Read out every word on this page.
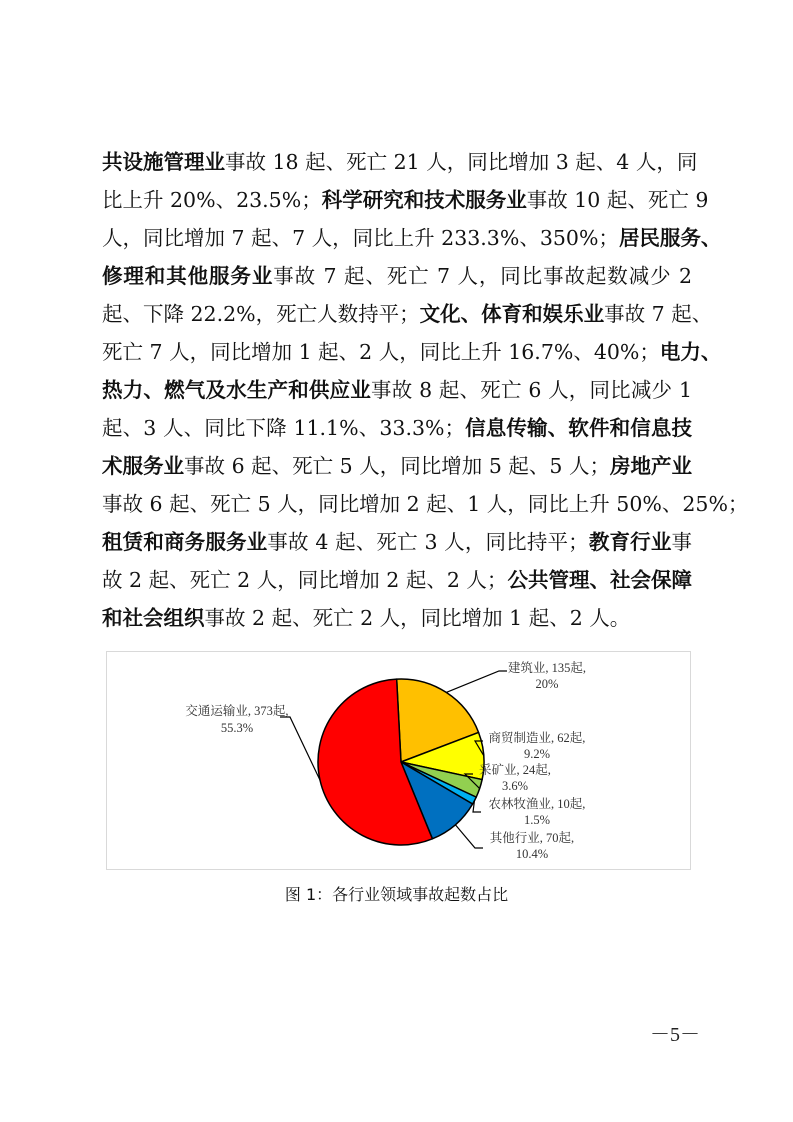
共设施管理业事故 18 起、死亡 21 人，同比增加 3 起、4 人，同
比上升 20%、23.5%；科学研究和技术服务业事故 10 起、死亡 9
人，同比增加 7 起、7 人，同比上升 233.3%、350%；居民服务、
修理和其他服务业事故 7 起、死亡 7 人，同比事故起数减少 2
起、下降 22.2%，死亡人数持平；文化、体育和娱乐业事故 7 起、
死亡 7 人，同比增加 1 起、2 人，同比上升 16.7%、40%；电力、
热力、燃气及水生产和供应业事故 8 起、死亡 6 人，同比减少 1
起、3 人、同比下降 11.1%、33.3%；信息传输、软件和信息技
术服务业事故 6 起、死亡 5 人，同比增加 5 起、5 人；房地产业
事故 6 起、死亡 5 人，同比增加 2 起、1 人，同比上升 50%、25%；
租赁和商务服务业事故 4 起、死亡 3 人，同比持平；教育行业事
故 2 起、死亡 2 人，同比增加 2 起、2 人；公共管理、社会保障
和社会组织事故 2 起、死亡 2 人，同比增加 1 起、2 人。
建筑业, 135起,
20%
商贸制造业, 62起,
9.2%
采矿业, 24起,
3.6%
农林牧渔业, 10起,
1.5%
其他行业, 70起,
10.4%
交通运输业, 373起,
55.3%
图 1：各行业领域事故起数占比
－5－
